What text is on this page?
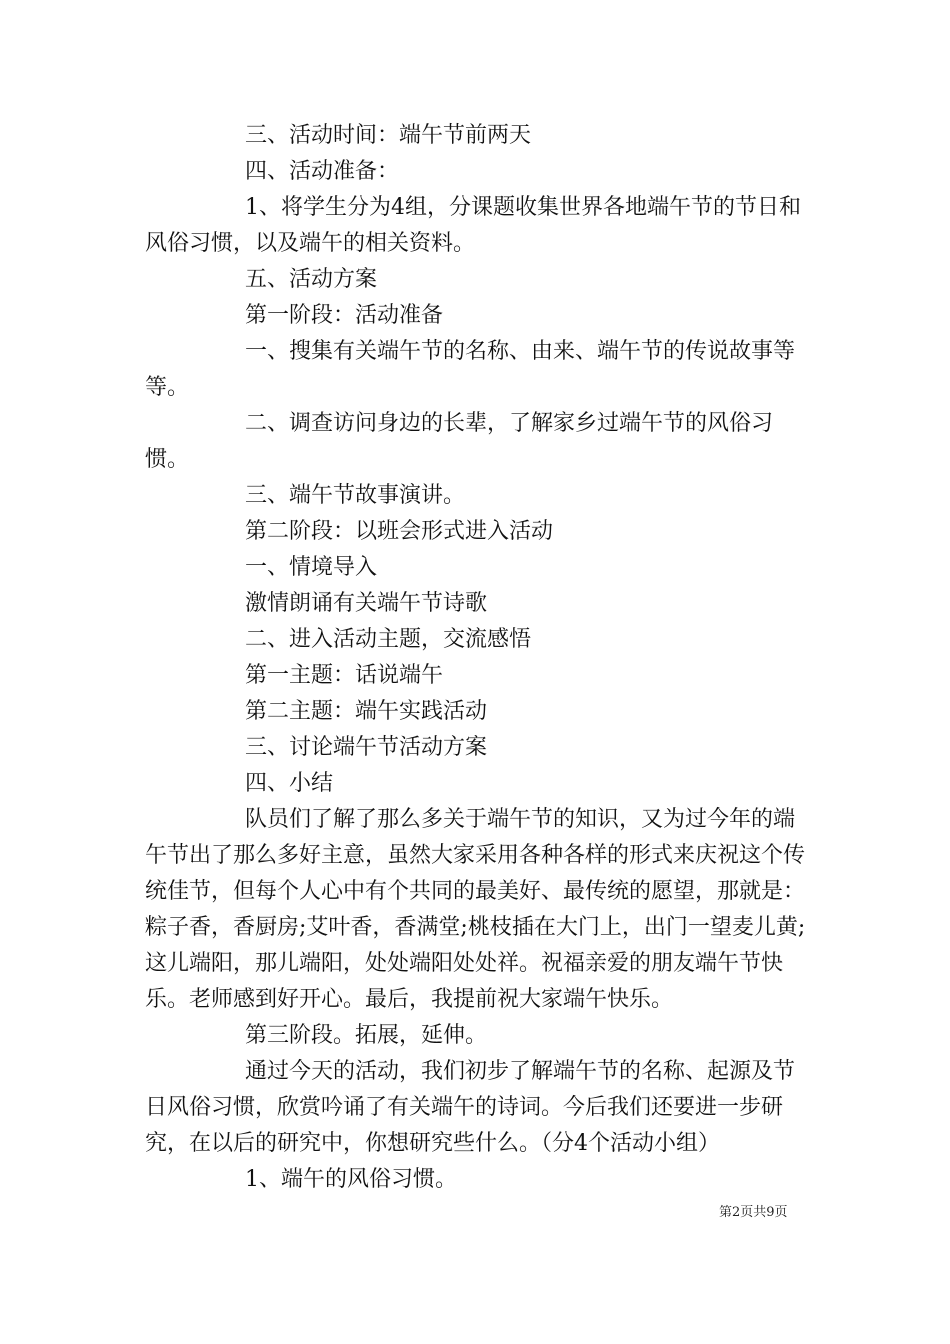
三、活动时间：端午节前两天

四、活动准备：

1、将学生分为4组，分课题收集世界各地端午节的节日和风俗习惯，以及端午的相关资料。

五、活动方案

第一阶段：活动准备

一、搜集有关端午节的名称、由来、端午节的传说故事等等。

二、调查访问身边的长辈，了解家乡过端午节的风俗习惯。

三、端午节故事演讲。

第二阶段：以班会形式进入活动

一、情境导入

激情朗诵有关端午节诗歌

二、进入活动主题，交流感悟

第一主题：话说端午

第二主题：端午实践活动

三、讨论端午节活动方案

四、小结

队员们了解了那么多关于端午节的知识，又为过今年的端午节出了那么多好主意，虽然大家采用各种各样的形式来庆祝这个传统佳节，但每个人心中有个共同的最美好、最传统的愿望，那就是：粽子香，香厨房;艾叶香，香满堂;桃枝插在大门上，出门一望麦儿黄;这儿端阳，那儿端阳，处处端阳处处祥。祝福亲爱的朋友端午节快乐。老师感到好开心。最后，我提前祝大家端午快乐。

第三阶段。拓展，延伸。

通过今天的活动，我们初步了解端午节的名称、起源及节日风俗习惯，欣赏吟诵了有关端午的诗词。今后我们还要进一步研究，在以后的研究中，你想研究些什么。（分4个活动小组）

1、端午的风俗习惯。

第2页共9页
